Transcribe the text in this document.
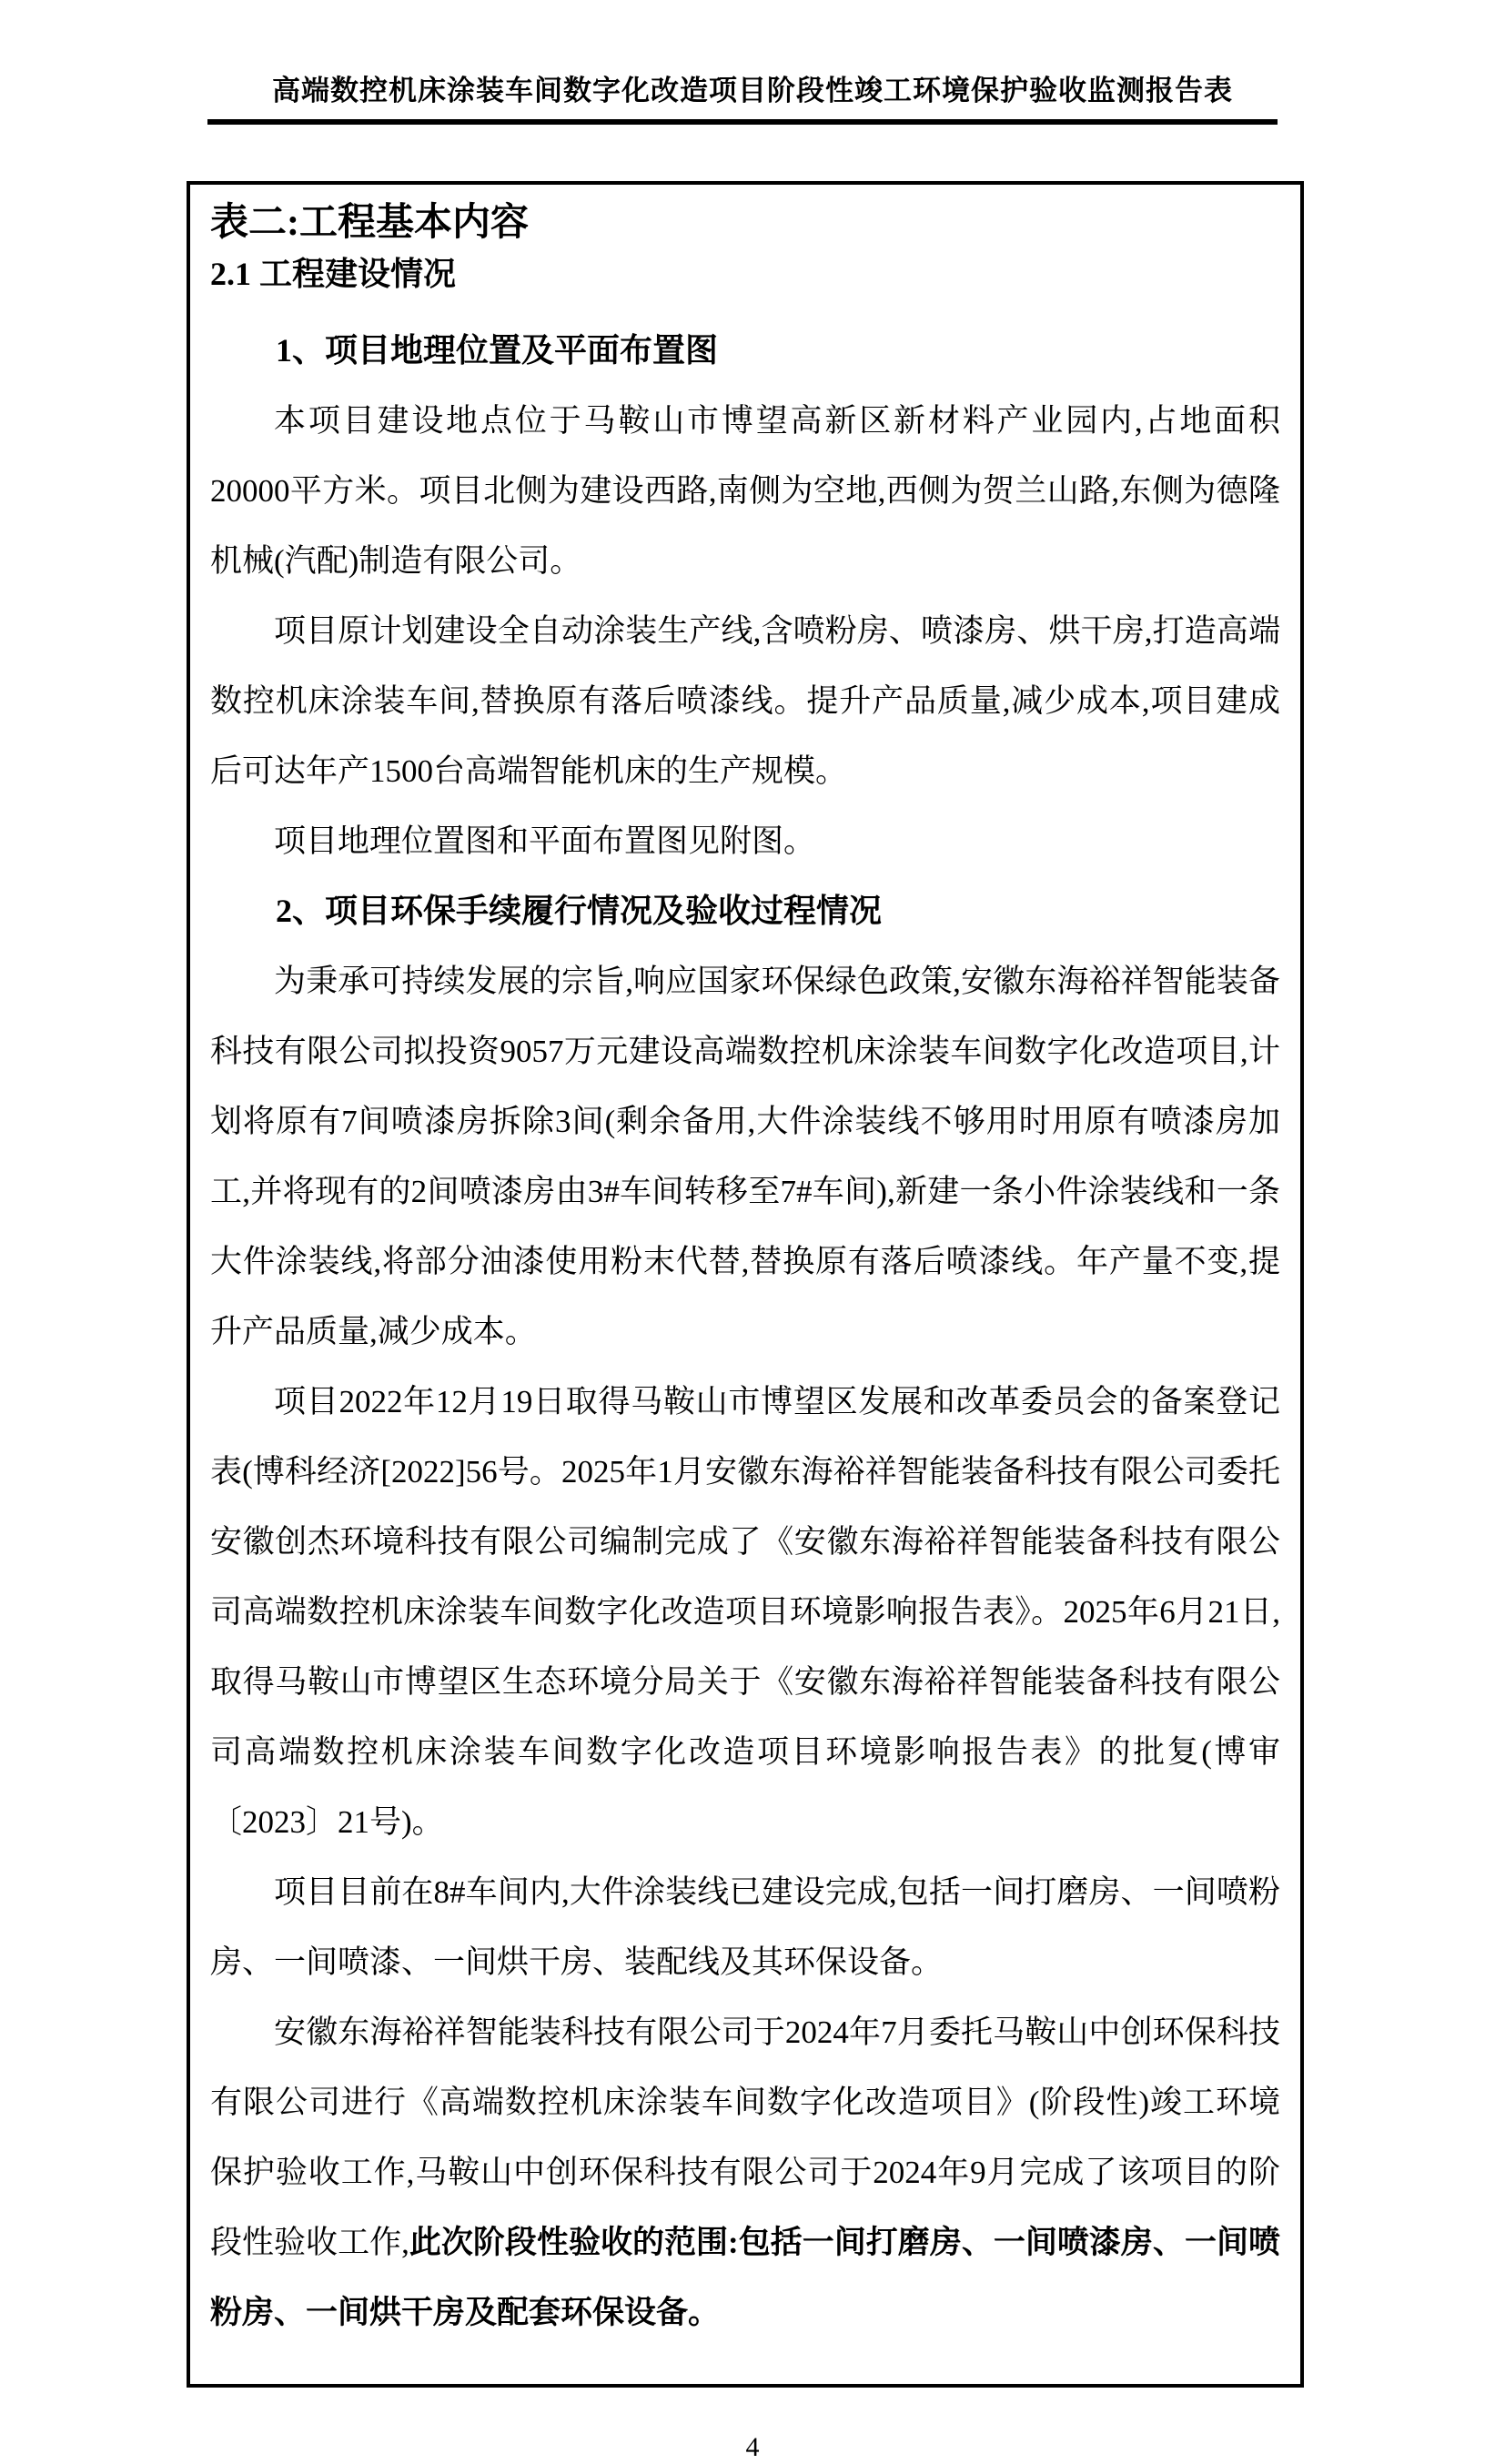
高端数控机床涂装车间数字化改造项目阶段性竣工环境保护验收监测报告表
表二:工程基本内容
2.1 工程建设情况
1、项目地理位置及平面布置图

本项目建设地点位于马鞍山市博望高新区新材料产业园内,占地面积20000平方米。项目北侧为建设西路,南侧为空地,西侧为贺兰山路,东侧为德隆机械(汽配)制造有限公司。

项目原计划建设全自动涂装生产线,含喷粉房、喷漆房、烘干房,打造高端数控机床涂装车间,替换原有落后喷漆线。提升产品质量,减少成本,项目建成后可达年产1500台高端智能机床的生产规模。

项目地理位置图和平面布置图见附图。

2、项目环保手续履行情况及验收过程情况

为秉承可持续发展的宗旨,响应国家环保绿色政策,安徽东海裕祥智能装备科技有限公司拟投资9057万元建设高端数控机床涂装车间数字化改造项目,计划将原有7间喷漆房拆除3间(剩余备用,大件涂装线不够用时用原有喷漆房加工,并将现有的2间喷漆房由3#车间转移至7#车间),新建一条小件涂装线和一条大件涂装线,将部分油漆使用粉末代替,替换原有落后喷漆线。年产量不变,提升产品质量,减少成本。

项目2022年12月19日取得马鞍山市博望区发展和改革委员会的备案登记表(博科经济[2022]56号。2025年1月安徽东海裕祥智能装备科技有限公司委托安徽创杰环境科技有限公司编制完成了《安徽东海裕祥智能装备科技有限公司高端数控机床涂装车间数字化改造项目环境影响报告表》。2025年6月21日,取得马鞍山市博望区生态环境分局关于《安徽东海裕祥智能装备科技有限公司高端数控机床涂装车间数字化改造项目环境影响报告表》的批复(博审〔2023〕21号)。

项目目前在8#车间内,大件涂装线已建设完成,包括一间打磨房、一间喷粉房、一间喷漆、一间烘干房、装配线及其环保设备。

安徽东海裕祥智能装科技有限公司于2024年7月委托马鞍山中创环保科技有限公司进行《高端数控机床涂装车间数字化改造项目》(阶段性)竣工环境保护验收工作,马鞍山中创环保科技有限公司于2024年9月完成了该项目的阶段性验收工作,此次阶段性验收的范围:包括一间打磨房、一间喷漆房、一间喷粉房、一间烘干房及配套环保设备。

4
